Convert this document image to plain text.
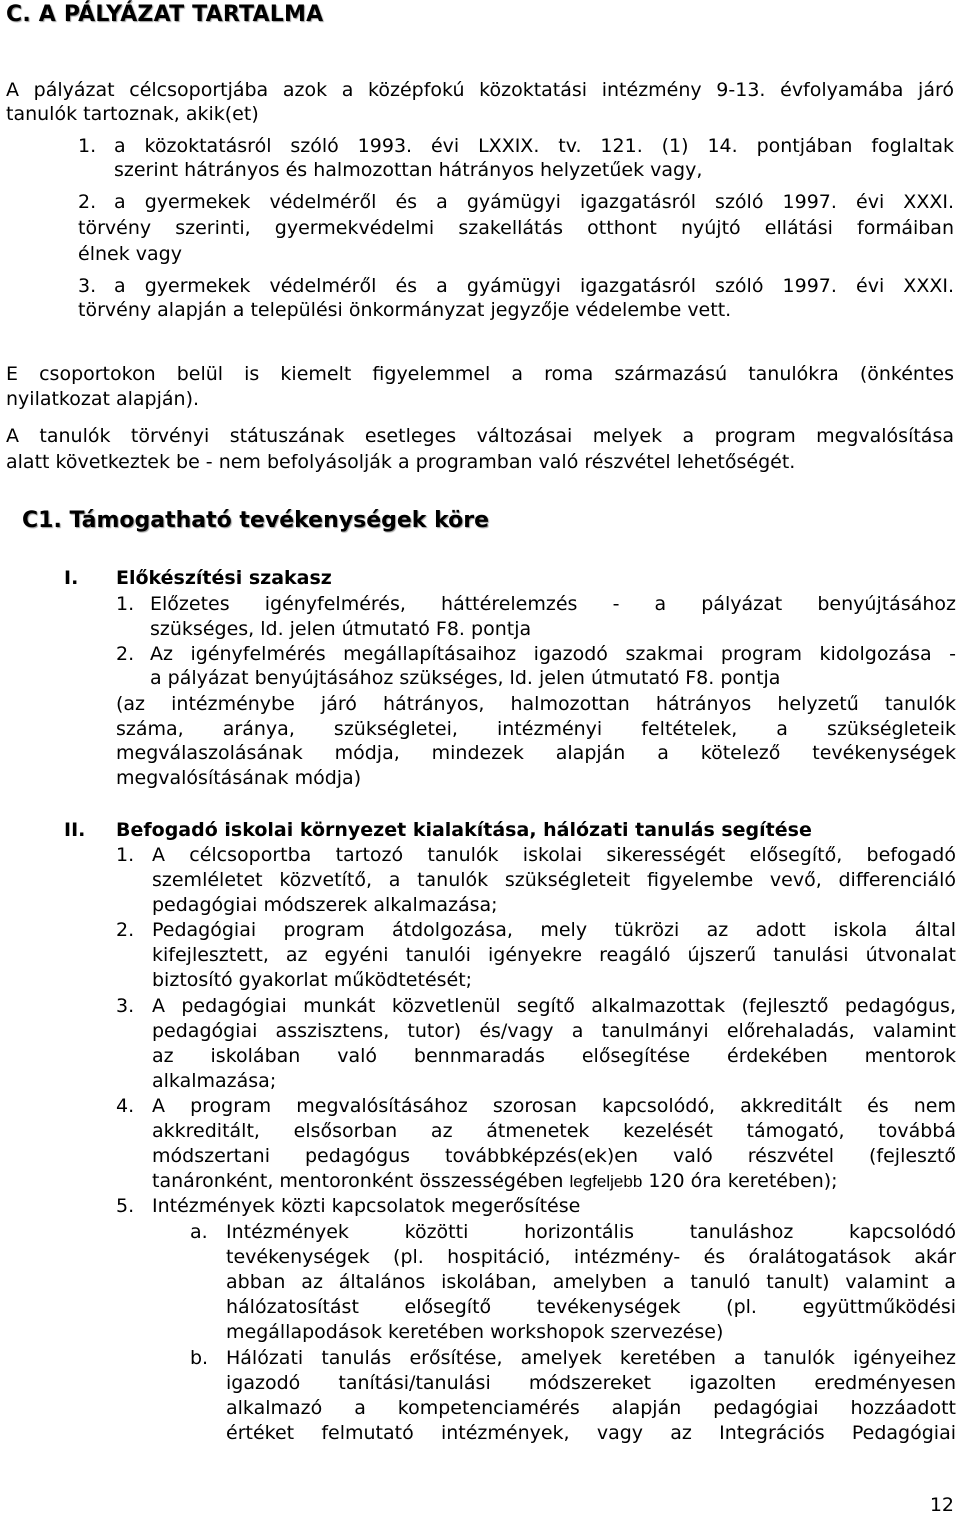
C. A PÁLYÁZAT TARTALMA
A pályázat célcsoportjába azok a középfokú közoktatási intézmény 9-13. évfolyamába járó
tanulók tartoznak, akik(et)
1. a közoktatásról szóló 1993. évi LXXIX. tv. 121. (1) 14. pontjában foglaltak
szerint hátrányos és halmozottan hátrányos helyzetűek vagy,
2. a gyermekek védelméről és a gyámügyi igazgatásról szóló 1997. évi XXXI.
törvény szerinti, gyermekvédelmi szakellátás otthont nyújtó ellátási formáiban
élnek vagy
3. a gyermekek védelméről és a gyámügyi igazgatásról szóló 1997. évi XXXI.
törvény alapján a települési önkormányzat jegyzője védelembe vett.
E csoportokon belül is kiemelt figyelemmel a roma származású tanulókra (önkéntes
nyilatkozat alapján).
A tanulók törvényi státuszának esetleges változásai melyek a program megvalósítása
alatt következtek be - nem befolyásolják a programban való részvétel lehetőségét.
C1. Támogatható tevékenységek köre
I. Előkészítési szakasz
1. Előzetes igényfelmérés, háttérelemzés - a pályázat benyújtásához
szükséges, ld. jelen útmutató F8. pontja
2. Az igényfelmérés megállapításaihoz igazodó szakmai program kidolgozása -
a pályázat benyújtásához szükséges, ld. jelen útmutató F8. pontja
(az intézménybe járó hátrányos, halmozottan hátrányos helyzetű tanulók
száma, aránya, szükségletei, intézményi feltételek, a szükségleteik
megválaszolásának módja, mindezek alapján a kötelező tevékenységek
megvalósításának módja)
II. Befogadó iskolai környezet kialakítása, hálózati tanulás segítése
1. A célcsoportba tartozó tanulók iskolai sikerességét elősegítő, befogadó
szemléletet közvetítő, a tanulók szükségleteit figyelembe vevő, differenciáló
pedagógiai módszerek alkalmazása;
2. Pedagógiai program átdolgozása, mely tükrözi az adott iskola által
kifejlesztett, az egyéni tanulói igényekre reagáló újszerű tanulási útvonalat
biztosító gyakorlat működtetését;
3. A pedagógiai munkát közvetlenül segítő alkalmazottak (fejlesztő pedagógus,
pedagógiai asszisztens, tutor) és/vagy a tanulmányi előrehaladás, valamint
az iskolában való bennmaradás elősegítése érdekében mentorok
alkalmazása;
4. A program megvalósításához szorosan kapcsolódó, akkreditált és nem
akkreditált, elsősorban az átmenetek kezelését támogató, továbbá
módszertani pedagógus továbbképzés(ek)en való részvétel (fejlesztő
tanáronként, mentoronként összességében legfeljebb 120 óra keretében);
5. Intézmények közti kapcsolatok megerősítése
a. Intézmények közötti horizontális tanuláshoz kapcsolódó
tevékenységek (pl. hospitáció, intézmény- és óralátogatások akár
abban az általános iskolában, amelyben a tanuló tanult) valamint a
hálózatosítást elősegítő tevékenységek (pl. együttműködési
megállapodások keretében workshopok szervezése)
b. Hálózati tanulás erősítése, amelyek keretében a tanulók igényeihez
igazodó tanítási/tanulási módszereket igazolten eredményesen
alkalmazó a kompetenciamérés alapján pedagógiai hozzáadott
értéket felmutató intézmények, vagy az Integrációs Pedagógiai
12
